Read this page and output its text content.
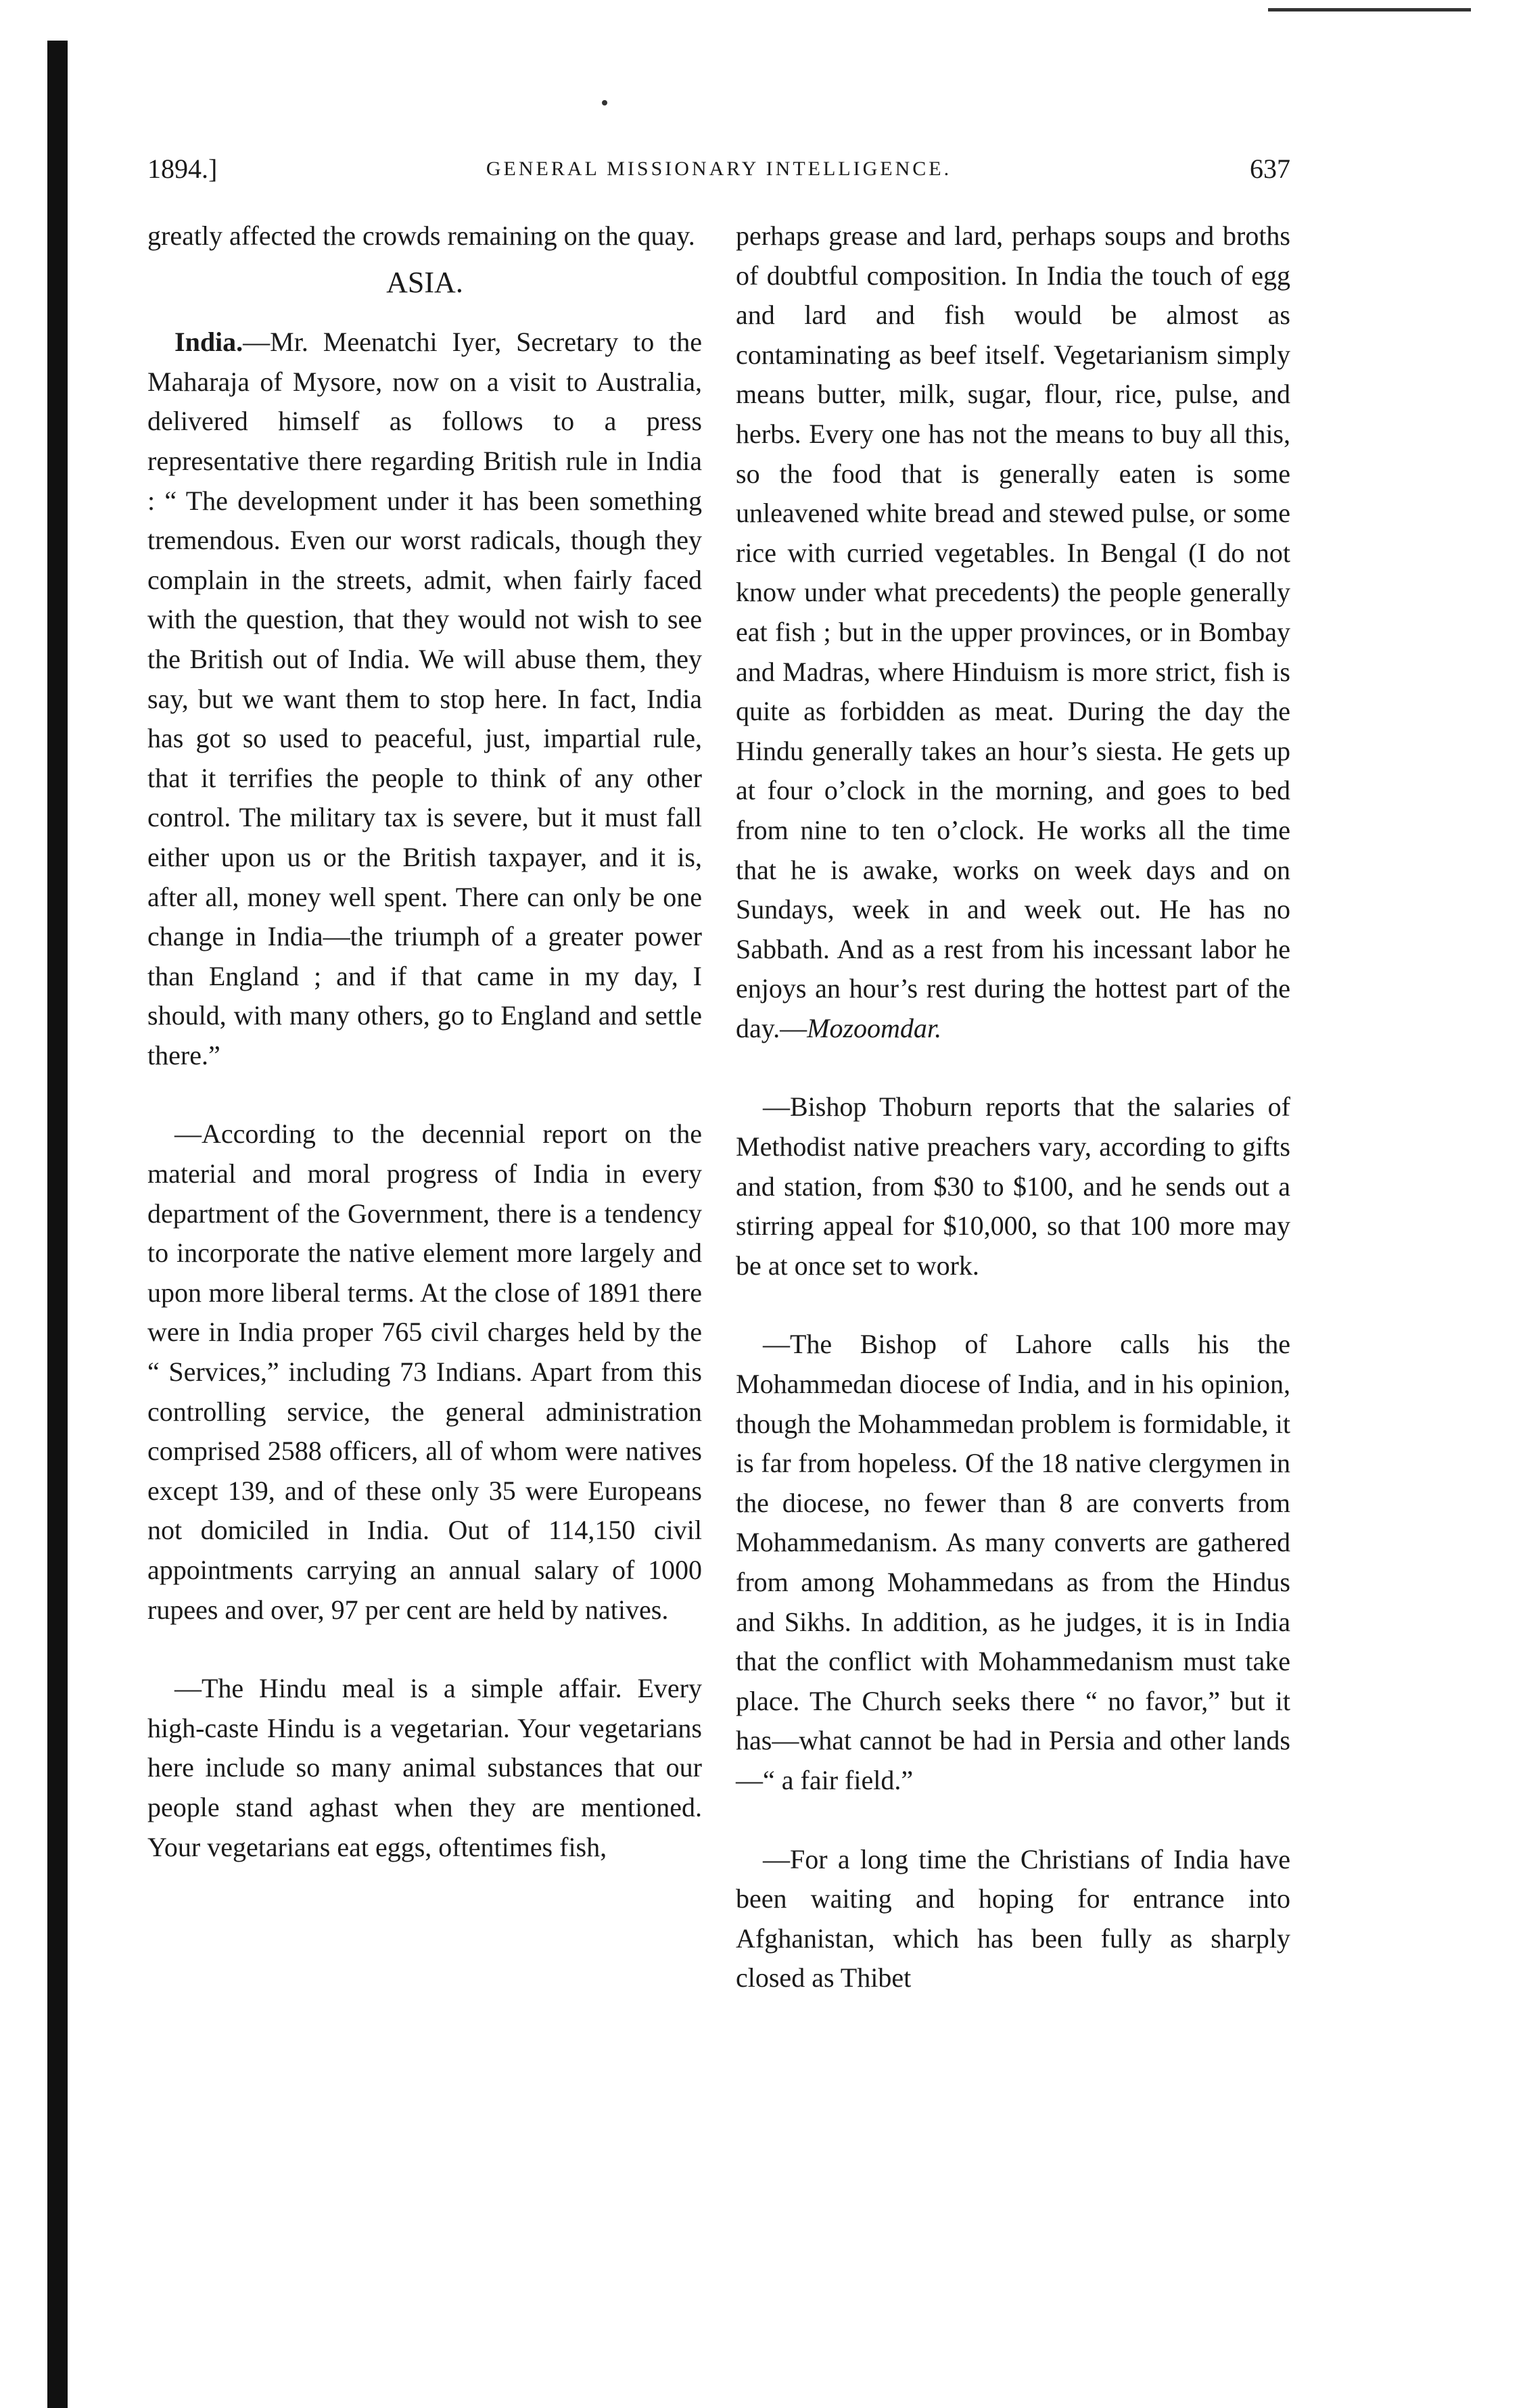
1894.]	GENERAL MISSIONARY INTELLIGENCE.	637

greatly affected the crowds remaining on the quay.

ASIA.

India.—Mr. Meenatchi Iyer, Secretary to the Maharaja of Mysore, now on a visit to Australia, delivered himself as follows to a press representative there regarding British rule in India : “ The development under it has been something tremendous. Even our worst radicals, though they complain in the streets, admit, when fairly faced with the question, that they would not wish to see the British out of India. We will abuse them, they say, but we want them to stop here. In fact, India has got so used to peaceful, just, impartial rule, that it terrifies the people to think of any other control. The military tax is severe, but it must fall either upon us or the British taxpayer, and it is, after all, money well spent. There can only be one change in India—the triumph of a greater power than England ; and if that came in my day, I should, with many others, go to England and settle there.”

—According to the decennial report on the material and moral progress of India in every department of the Government, there is a tendency to incorporate the native element more largely and upon more liberal terms. At the close of 1891 there were in India proper 765 civil charges held by the “ Services,” including 73 Indians. Apart from this controlling service, the general administration comprised 2588 officers, all of whom were natives except 139, and of these only 35 were Europeans not domiciled in India. Out of 114,150 civil appointments carrying an annual salary of 1000 rupees and over, 97 per cent are held by natives.

—The Hindu meal is a simple affair. Every high-caste Hindu is a vegetarian. Your vegetarians here include so many animal substances that our people stand aghast when they are mentioned. Your vegetarians eat eggs, oftentimes fish,

perhaps grease and lard, perhaps soups and broths of doubtful composition. In India the touch of egg and lard and fish would be almost as contaminating as beef itself. Vegetarianism simply means butter, milk, sugar, flour, rice, pulse, and herbs. Every one has not the means to buy all this, so the food that is generally eaten is some unleavened white bread and stewed pulse, or some rice with curried vegetables. In Bengal (I do not know under what precedents) the people generally eat fish ; but in the upper provinces, or in Bombay and Madras, where Hinduism is more strict, fish is quite as forbidden as meat. During the day the Hindu generally takes an hour’s siesta. He gets up at four o’clock in the morning, and goes to bed from nine to ten o’clock. He works all the time that he is awake, works on week days and on Sundays, week in and week out. He has no Sabbath. And as a rest from his incessant labor he enjoys an hour’s rest during the hottest part of the day.—Mozoomdar.

—Bishop Thoburn reports that the salaries of Methodist native preachers vary, according to gifts and station, from $30 to $100, and he sends out a stirring appeal for $10,000, so that 100 more may be at once set to work.

—The Bishop of Lahore calls his the Mohammedan diocese of India, and in his opinion, though the Mohammedan problem is formidable, it is far from hopeless. Of the 18 native clergymen in the diocese, no fewer than 8 are converts from Mohammedanism. As many converts are gathered from among Mohammedans as from the Hindus and Sikhs. In addition, as he judges, it is in India that the conflict with Mohammedanism must take place. The Church seeks there “ no favor,” but it has—what cannot be had in Persia and other lands—“ a fair field.”

—For a long time the Christians of India have been waiting and hoping for entrance into Afghanistan, which has been fully as sharply closed as Thibet
